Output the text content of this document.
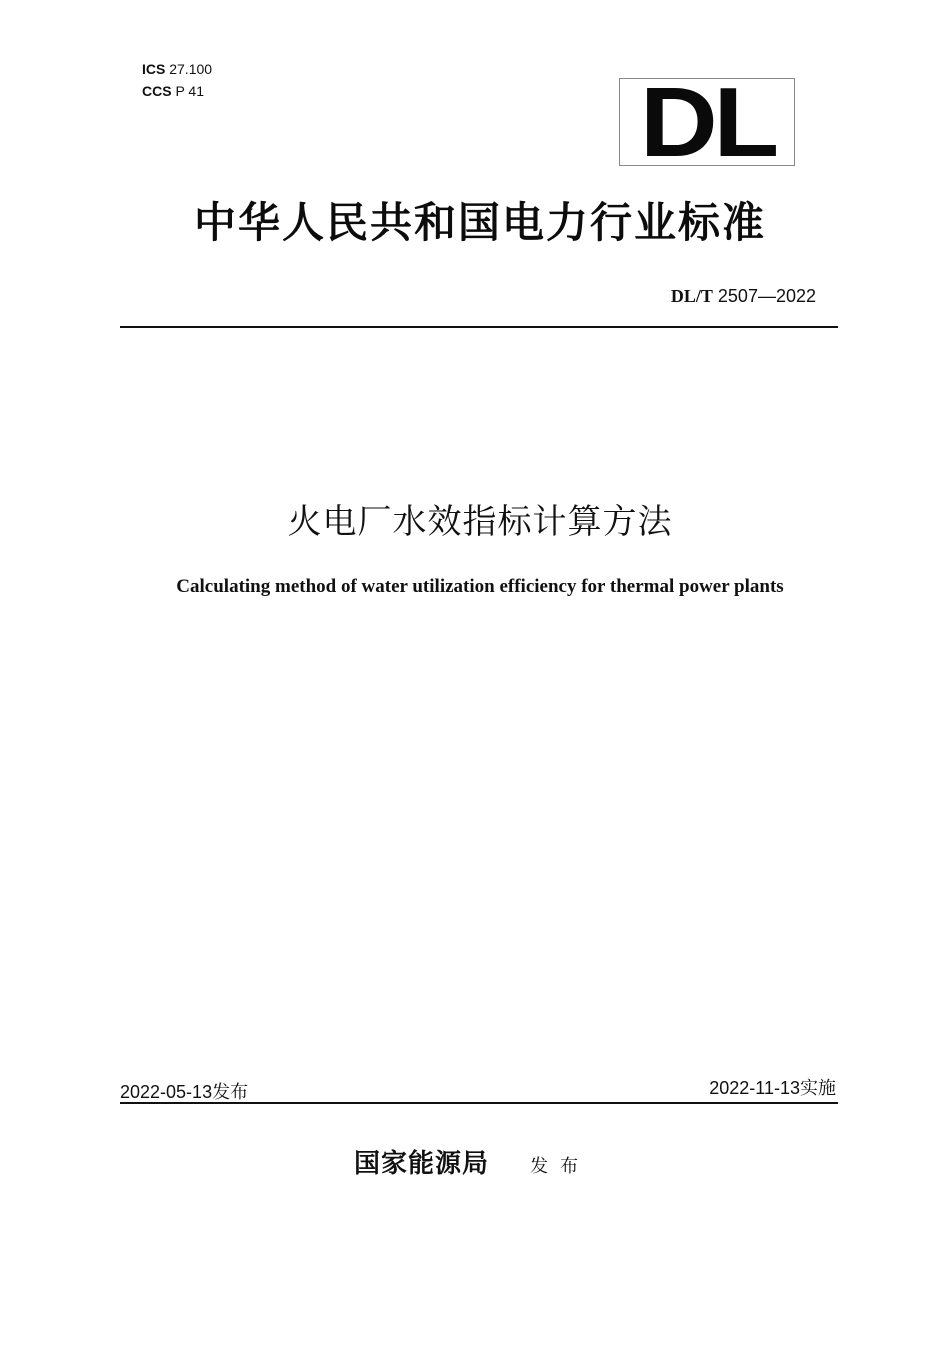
ICS 27.100
CCS P 41	DL
中华人民共和国电力行业标准
DL/T 2507—2022
火电厂水效指标计算方法
Calculating method of water utilization efficiency for thermal power plants
2022-05-13发布	2022-11-13实施
国家能源局 发布
